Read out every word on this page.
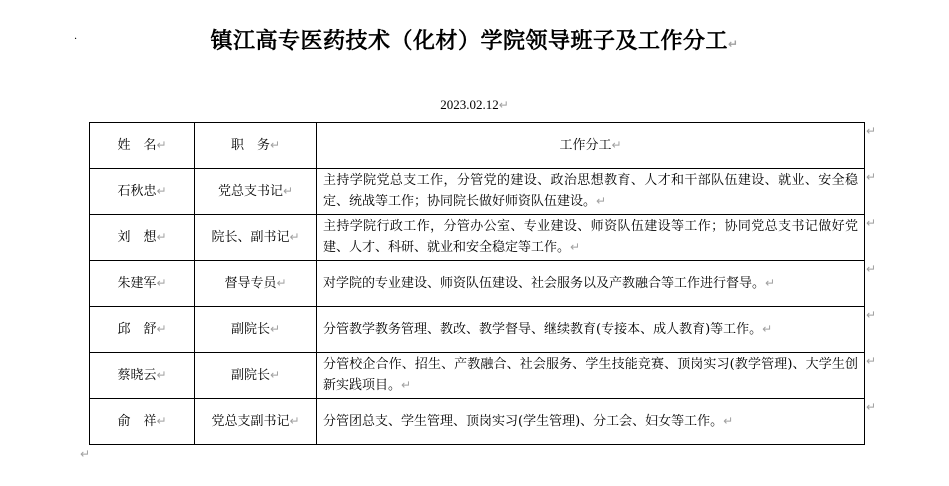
·	镇江高专医药技术（化材）学院领导班子及工作分工↵
2023.02.12↵
姓　名↵	职　务↵	工作分工↵
石秋忠↵	党总支书记↵	主持学院党总支工作，分管党的建设、政治思想教育、人才和干部队伍建设、就业、安全稳定、统战等工作；协同院长做好师资队伍建设。↵
刘　想↵	院长、副书记↵	主持学院行政工作，分管办公室、专业建设、师资队伍建设等工作；协同党总支书记做好党建、人才、科研、就业和安全稳定等工作。↵
朱建军↵	督导专员↵	对学院的专业建设、师资队伍建设、社会服务以及产教融合等工作进行督导。↵
邱　舒↵	副院长↵	分管教学教务管理、教改、教学督导、继续教育(专接本、成人教育)等工作。↵
蔡晓云↵	副院长↵	分管校企合作、招生、产教融合、社会服务、学生技能竞赛、顶岗实习(教学管理)、大学生创新实践项目。↵
俞　祥↵	党总支副书记↵	分管团总支、学生管理、顶岗实习(学生管理)、分工会、妇女等工作。↵
↵
↵
↵
↵
↵
↵
↵
↵
